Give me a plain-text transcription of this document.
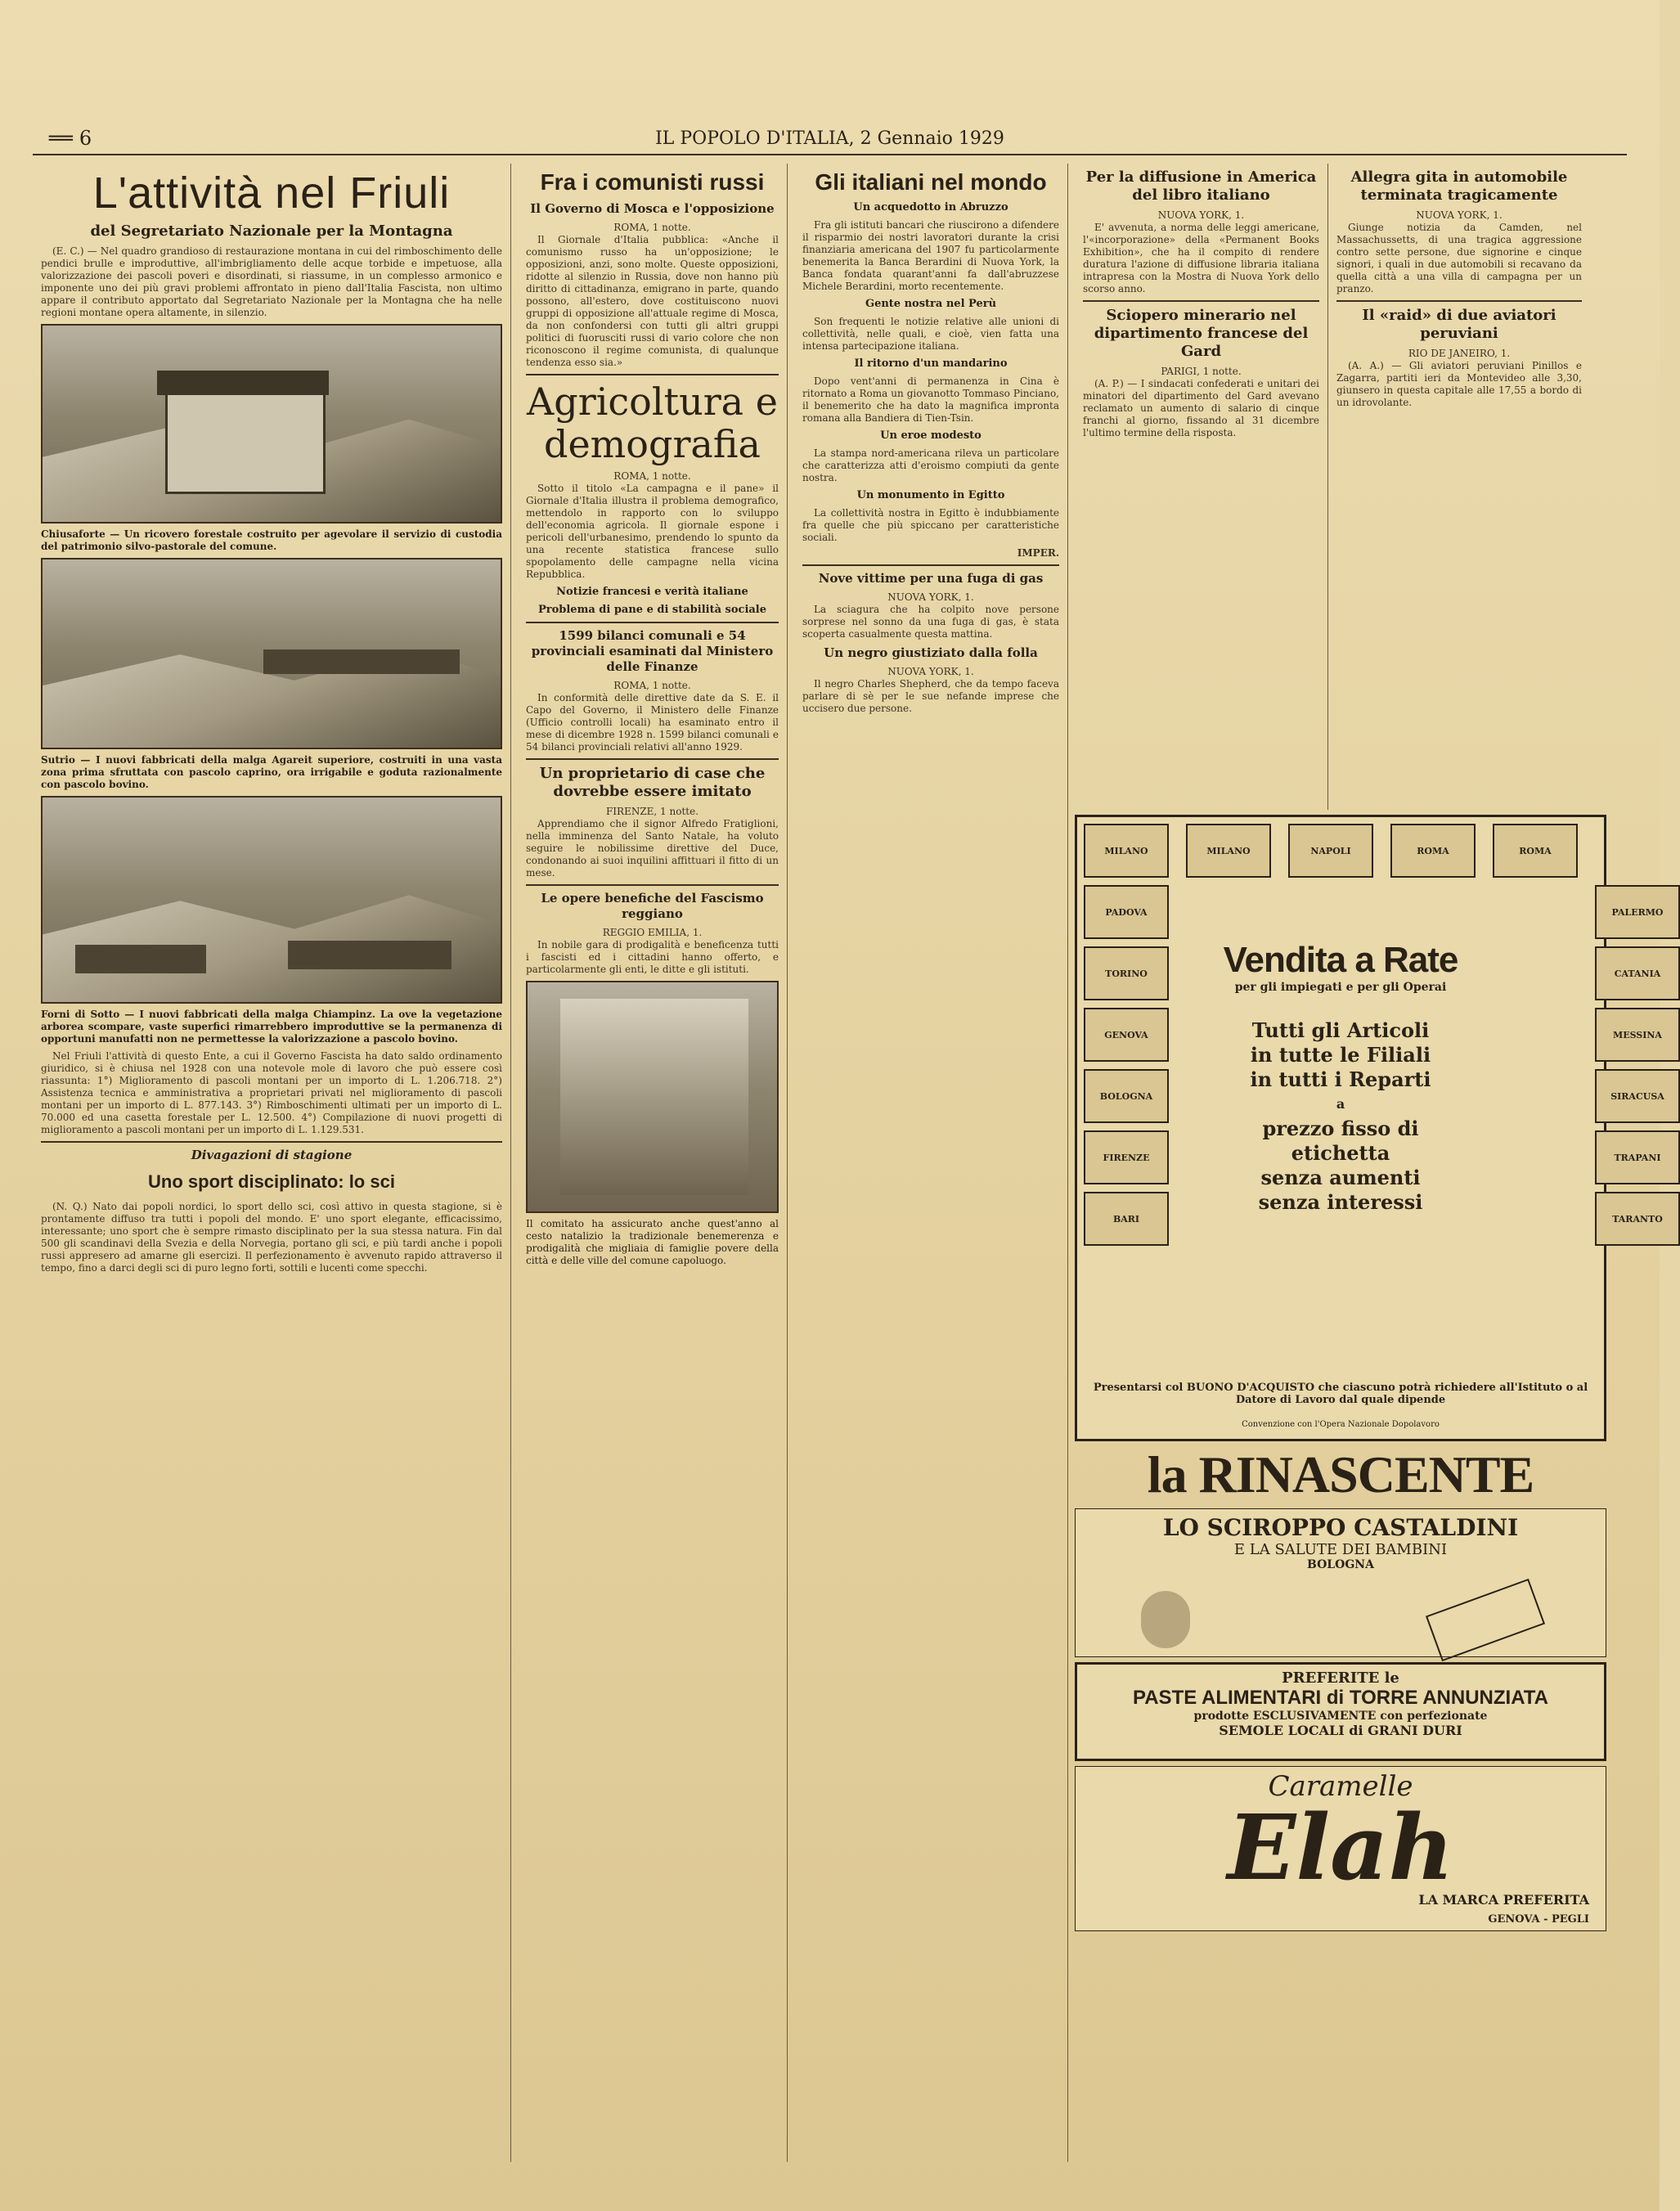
══ 6	IL POPOLO D'ITALIA, 2 Gennaio 1929
L'attività nel Friuli
del Segretariato Nazionale per la Montagna

(E. C.) — Nel quadro grandioso di restaurazione montana in cui del rimboschimento delle pendici brulle e improduttive, all'imbrigliamento delle acque torbide e impetuose, alla valorizzazione dei pascoli poveri e disordinati, si riassume, in un complesso armonico e imponente uno dei più gravi problemi affrontato in pieno dall'Italia Fascista, non ultimo appare il contributo apportato dal Segretariato Nazionale per la Montagna che ha nelle regioni montane opera altamente, in silenzio.

Chiusaforte — Un ricovero forestale costruito per agevolare il servizio di custodia del patrimonio silvo-pastorale del comune.
Sutrio — I nuovi fabbricati della malga Agareit superiore, costruiti in una vasta zona prima sfruttata con pascolo caprino, ora irrigabile e goduta razionalmente con pascolo bovino.
Forni di Sotto — I nuovi fabbricati della malga Chiampinz. La ove la vegetazione arborea scompare, vaste superfici rimarrebbero improduttive se la permanenza di opportuni manufatti non ne permettesse la valorizzazione a pascolo bovino.

Nel Friuli l'attività di questo Ente, a cui il Governo Fascista ha dato saldo ordinamento giuridico, si è chiusa nel 1928 con una notevole mole di lavoro che può essere così riassunta: 1°) Miglioramento di pascoli montani per un importo di L. 1.206.718. 2°) Assistenza tecnica e amministrativa a proprietari privati nel miglioramento di pascoli montani per un importo di L. 877.143. 3°) Rimboschimenti ultimati per un importo di L. 70.000 ed una casetta forestale per L. 12.500. 4°) Compilazione di nuovi progetti di miglioramento a pascoli montani per un importo di L. 1.129.531.

Divagazioni di stagione
Uno sport disciplinato: lo sci

(N. Q.) Nato dai popoli nordici, lo sport dello sci, così attivo in questa stagione, si è prontamente diffuso tra tutti i popoli del mondo. E' uno sport elegante, efficacissimo, interessante; uno sport che è sempre rimasto disciplinato per la sua stessa natura. Fin dal 500 gli scandinavi della Svezia e della Norvegia, portano gli sci, e più tardi anche i popoli russi appresero ad amarne gli esercizi. Il perfezionamento è avvenuto rapido attraverso il tempo, fino a darci degli sci di puro legno forti, sottili e lucenti come specchi.

Fra i comunisti russi
Il Governo di Mosca e l'opposizione
ROMA, 1 notte.

Il Giornale d'Italia pubblica: «Anche il comunismo russo ha un'opposizione; le opposizioni, anzi, sono molte. Queste opposizioni, ridotte al silenzio in Russia, dove non hanno più diritto di cittadinanza, emigrano in parte, quando possono, all'estero, dove costituiscono nuovi gruppi di opposizione all'attuale regime di Mosca, da non confondersi con tutti gli altri gruppi politici di fuorusciti russi di vario colore che non riconoscono il regime comunista, di qualunque tendenza esso sia.»

Agricoltura e demografia
ROMA, 1 notte.

Sotto il titolo «La campagna e il pane» il Giornale d'Italia illustra il problema demografico, mettendolo in rapporto con lo sviluppo dell'economia agricola. Il giornale espone i pericoli dell'urbanesimo, prendendo lo spunto da una recente statistica francese sullo spopolamento delle campagne nella vicina Repubblica.

Notizie francesi e verità italiane
Problema di pane e di stabilità sociale
1599 bilanci comunali e 54 provinciali esaminati dal Ministero delle Finanze
ROMA, 1 notte.

In conformità delle direttive date da S. E. il Capo del Governo, il Ministero delle Finanze (Ufficio controlli locali) ha esaminato entro il mese di dicembre 1928 n. 1599 bilanci comunali e 54 bilanci provinciali relativi all'anno 1929.

Un proprietario di case che dovrebbe essere imitato
FIRENZE, 1 notte.

Apprendiamo che il signor Alfredo Fratiglioni, nella imminenza del Santo Natale, ha voluto seguire le nobilissime direttive del Duce, condonando ai suoi inquilini affittuari il fitto di un mese.

Le opere benefiche del Fascismo reggiano
REGGIO EMILIA, 1.

In nobile gara di prodigalità e beneficenza tutti i fascisti ed i cittadini hanno offerto, e particolarmente gli enti, le ditte e gli istituti.

Il comitato ha assicurato anche quest'anno al cesto natalizio la tradizionale benemerenza e prodigalità che migliaia di famiglie povere della città e delle ville del comune capoluogo.
Gli italiani nel mondo
Un acquedotto in Abruzzo

Fra gli istituti bancari che riuscirono a difendere il risparmio dei nostri lavoratori durante la crisi finanziaria americana del 1907 fu particolarmente benemerita la Banca Berardini di Nuova York, la Banca fondata quarant'anni fa dall'abruzzese Michele Berardini, morto recentemente.

Gente nostra nel Perù

Son frequenti le notizie relative alle unioni di collettività, nelle quali, e cioè, vien fatta una intensa partecipazione italiana.

Il ritorno d'un mandarino

Dopo vent'anni di permanenza in Cina è ritornato a Roma un giovanotto Tommaso Pinciano, il benemerito che ha dato la magnifica impronta romana alla Bandiera di Tien-Tsin.

Un eroe modesto

La stampa nord-americana rileva un particolare che caratterizza atti d'eroismo compiuti da gente nostra.

Un monumento in Egitto

La collettività nostra in Egitto è indubbiamente fra quelle che più spiccano per caratteristiche sociali.

IMPER.
Nove vittime per una fuga di gas
NUOVA YORK, 1.

La sciagura che ha colpito nove persone sorprese nel sonno da una fuga di gas, è stata scoperta casualmente questa mattina.

Un negro giustiziato dalla folla
NUOVA YORK, 1.

Il negro Charles Shepherd, che da tempo faceva parlare di sè per le sue nefande imprese che uccisero due persone.

Per la diffusione in America del libro italiano
NUOVA YORK, 1.

E' avvenuta, a norma delle leggi americane, l'«incorporazione» della «Permanent Books Exhibition», che ha il compito di rendere duratura l'azione di diffusione libraria italiana intrapresa con la Mostra di Nuova York dello scorso anno.

Sciopero minerario nel dipartimento francese del Gard
PARIGI, 1 notte.

(A. P.) — I sindacati confederati e unitari dei minatori del dipartimento del Gard avevano reclamato un aumento di salario di cinque franchi al giorno, fissando al 31 dicembre l'ultimo termine della risposta.

Allegra gita in automobile terminata tragicamente
NUOVA YORK, 1.

Giunge notizia da Camden, nel Massachussetts, di una tragica aggressione contro sette persone, due signorine e cinque signori, i quali in due automobili si recavano da quella città a una villa di campagna per un pranzo.

Il «raid» di due aviatori peruviani
RIO DE JANEIRO, 1.

(A. A.) — Gli aviatori peruviani Pinillos e Zagarra, partiti ieri da Montevideo alle 3,30, giunsero in questa capitale alle 17,55 a bordo di un idrovolante.

MILANO	MILANO	NAPOLI	ROMA	ROMA
PADOVA
TORINO
GENOVA
BOLOGNA
FIRENZE
BARI
PALERMO
CATANIA
MESSINA
SIRACUSA
TRAPANI
TARANTO
Vendita a Rate
per gli impiegati e per gli Operai
Tutti gli Articoli
in tutte le Filiali
in tutti i Reparti
a
prezzo fisso di
etichetta
senza aumenti
senza interessi
Presentarsi col BUONO D'ACQUISTO che ciascuno potrà richiedere all'Istituto o al Datore di Lavoro dal quale dipende
Convenzione con l'Opera Nazionale Dopolavoro
la RINASCENTE
LO SCIROPPO CASTALDINI
E LA SALUTE DEI BAMBINI
BOLOGNA
PREFERITE le
PASTE ALIMENTARI di TORRE ANNUNZIATA
prodotte ESCLUSIVAMENTE con perfezionate
SEMOLE LOCALI di GRANI DURI
Caramelle
Elah
LA MARCA PREFERITA
GENOVA - PEGLI
